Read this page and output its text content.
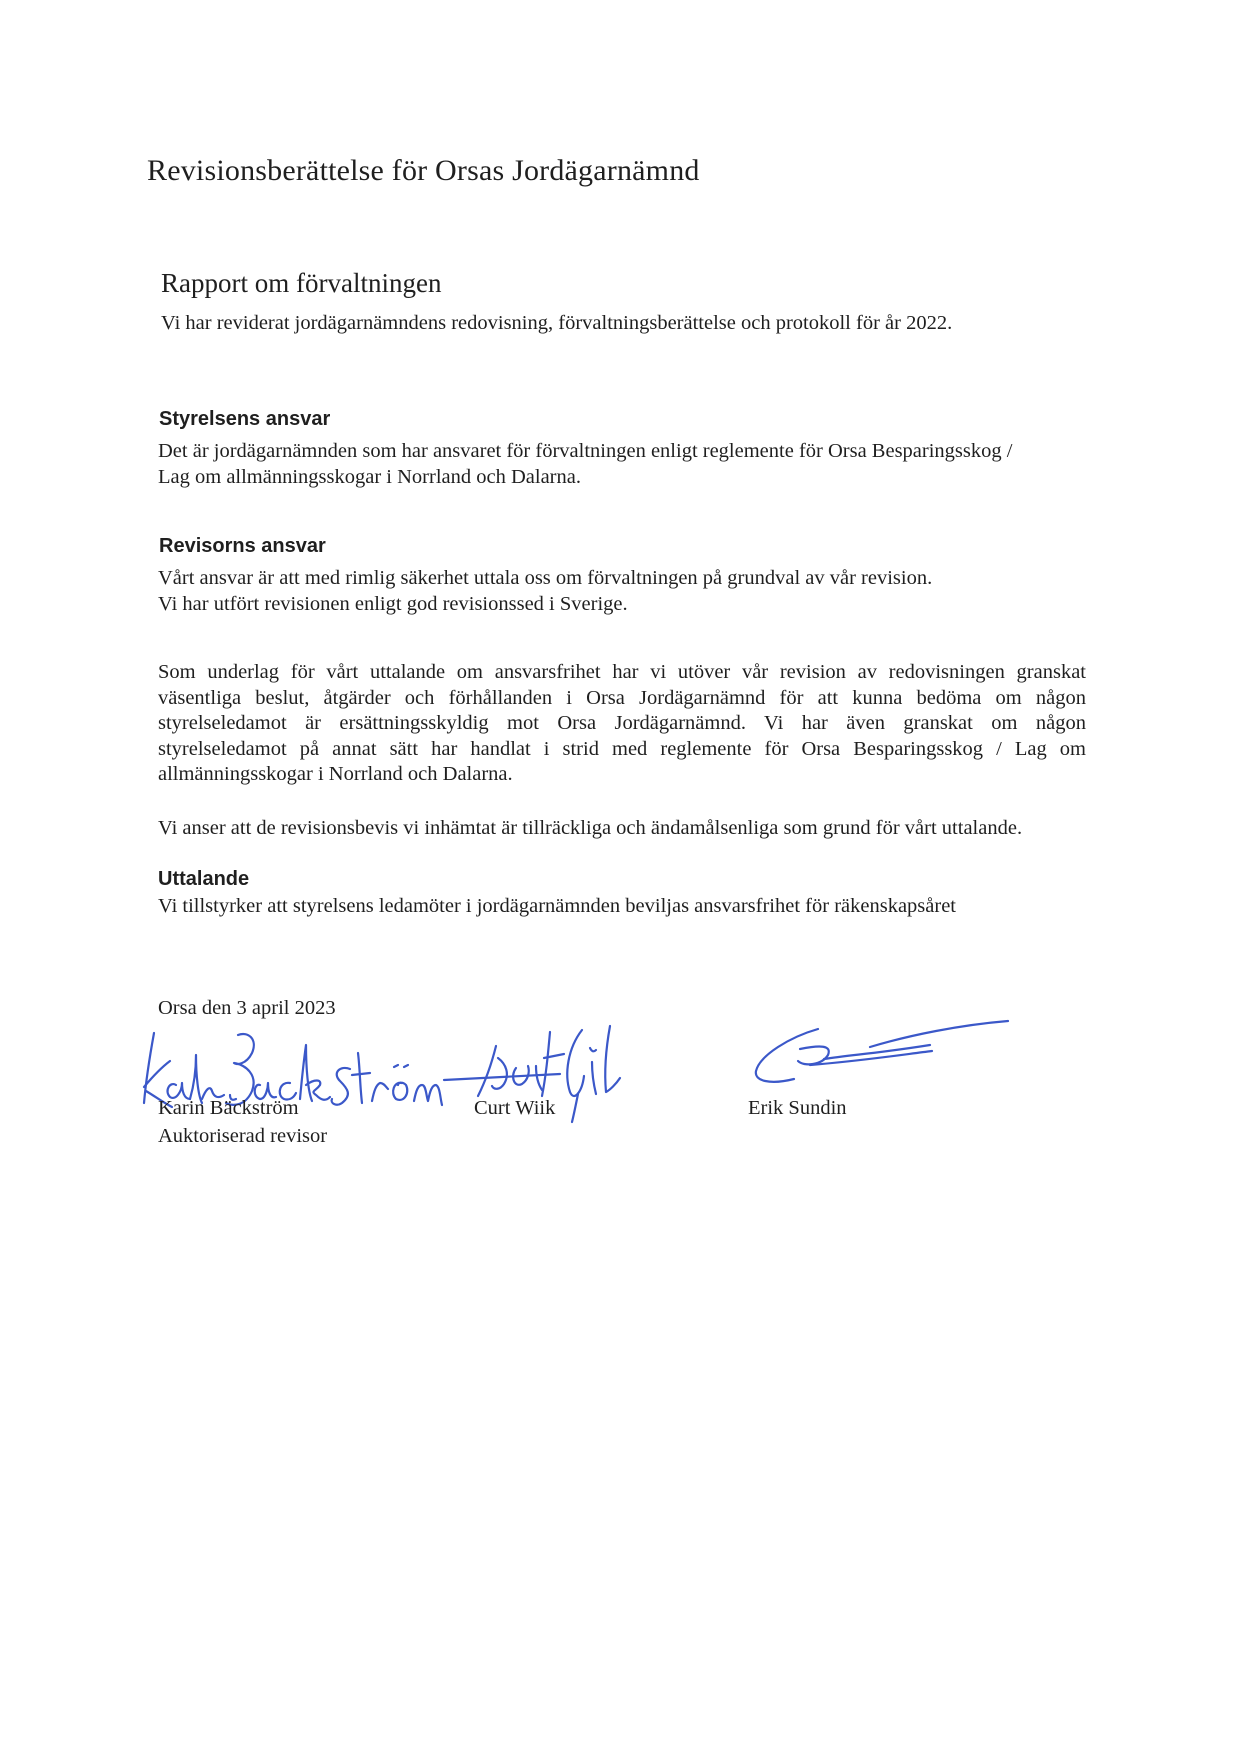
Revisionsberättelse för Orsas Jordägarnämnd
Rapport om förvaltningen
Vi har reviderat jordägarnämndens redovisning, förvaltningsberättelse och protokoll för år 2022.
Styrelsens ansvar
Det är jordägarnämnden som har ansvaret för förvaltningen enligt reglemente för Orsa Besparingsskog /
Lag om allmänningsskogar i Norrland och Dalarna.
Revisorns ansvar
Vårt ansvar är att med rimlig säkerhet uttala oss om förvaltningen på grundval av vår revision.
Vi har utfört revisionen enligt god revisionssed i Sverige.
Som underlag för vårt uttalande om ansvarsfrihet har vi utöver vår revision av redovisningen granskat
väsentliga beslut, åtgärder och förhållanden i Orsa Jordägarnämnd för att kunna bedöma om någon
styrelseledamot är ersättningsskyldig mot Orsa Jordägarnämnd. Vi har även granskat om någon
styrelseledamot på annat sätt har handlat i strid med reglemente för Orsa Besparingsskog / Lag om
allmänningsskogar i Norrland och Dalarna.
Vi anser att de revisionsbevis vi inhämtat är tillräckliga och ändamålsenliga som grund för vårt uttalande.
Uttalande
Vi tillstyrker att styrelsens ledamöter i jordägarnämnden beviljas ansvarsfrihet för räkenskapsåret
Orsa den 3 april 2023
Karin Bäckström
Auktoriserad revisor
Curt Wiik	Erik Sundin
